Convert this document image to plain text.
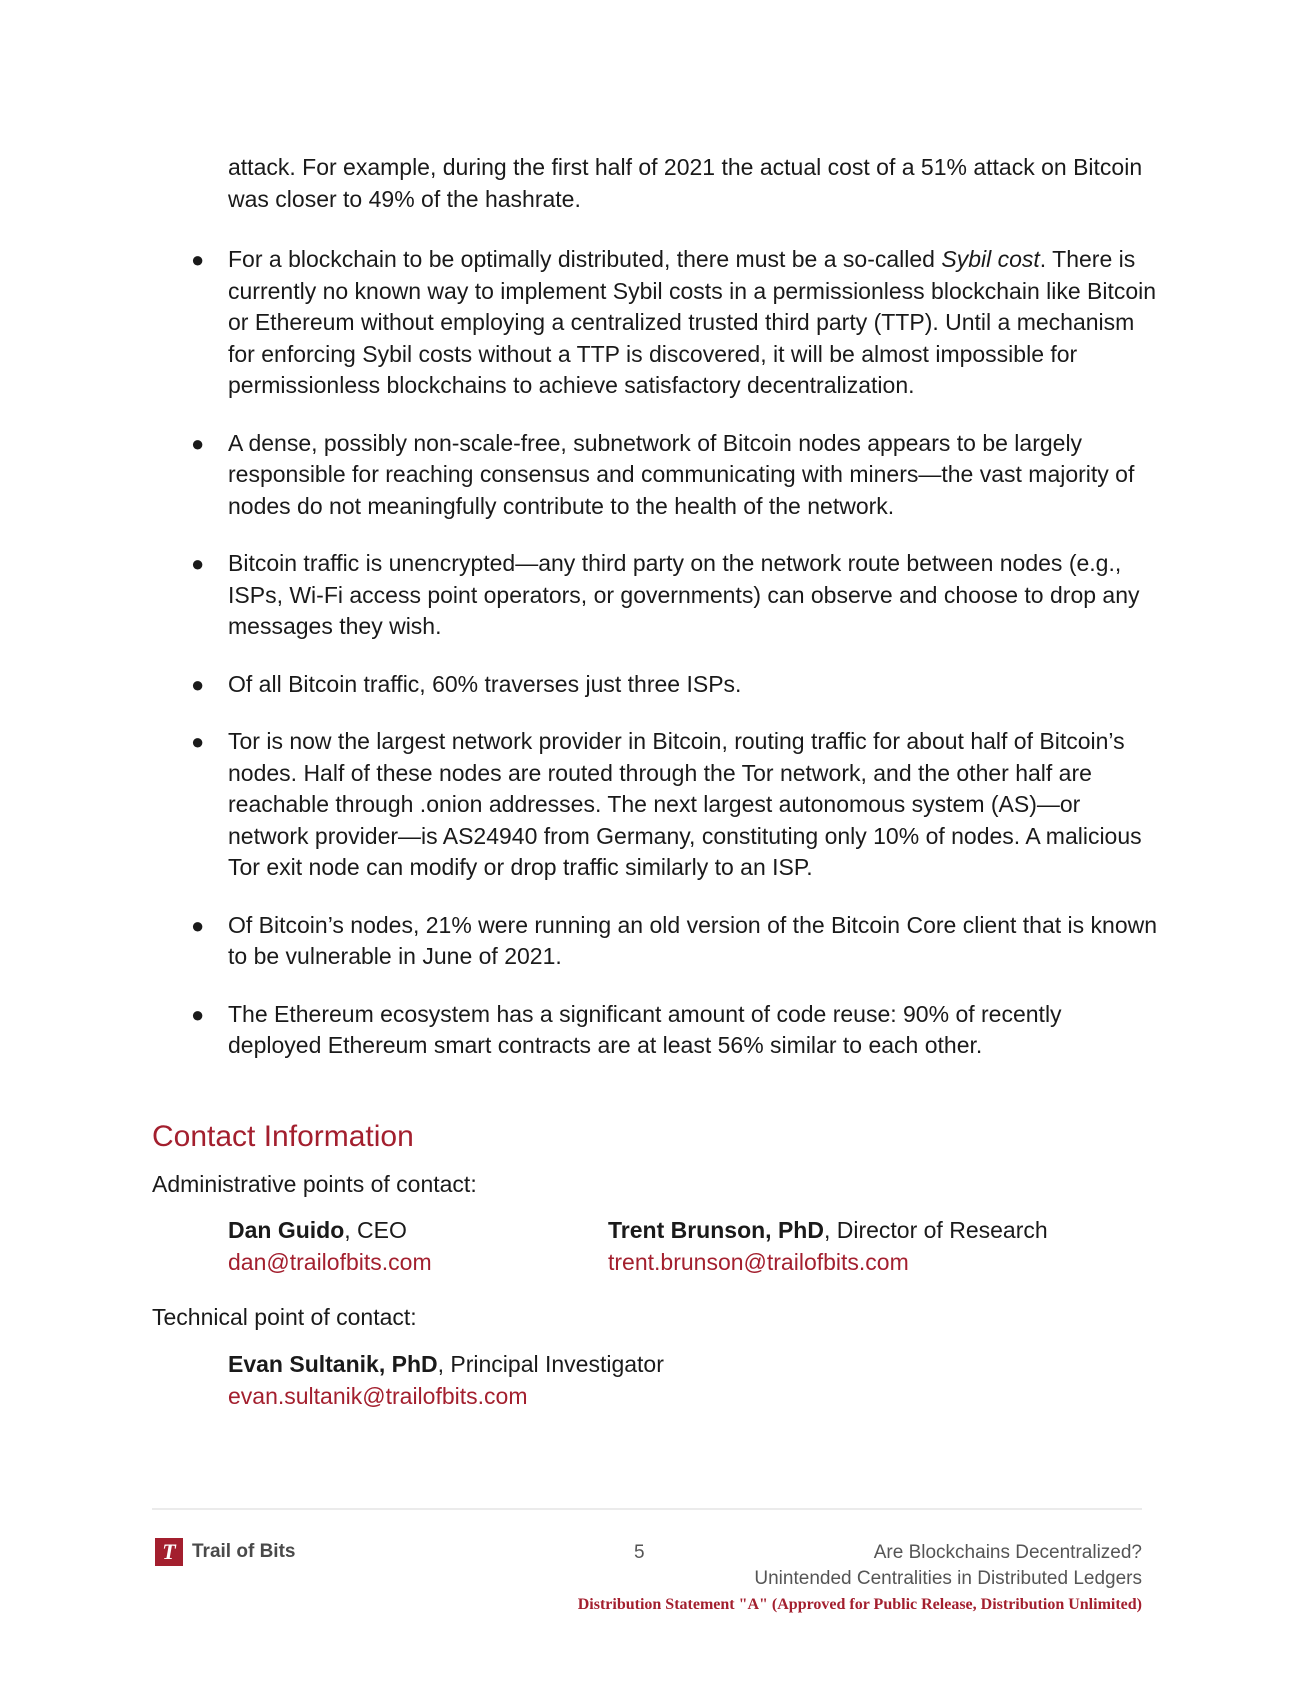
attack. For example, during the first half of 2021 the actual cost of a 51% attack on Bitcoin was closer to 49% of the hashrate.

● For a blockchain to be optimally distributed, there must be a so-called Sybil cost. There is currently no known way to implement Sybil costs in a permissionless blockchain like Bitcoin or Ethereum without employing a centralized trusted third party (TTP). Until a mechanism for enforcing Sybil costs without a TTP is discovered, it will be almost impossible for permissionless blockchains to achieve satisfactory decentralization.
● A dense, possibly non-scale-free, subnetwork of Bitcoin nodes appears to be largely responsible for reaching consensus and communicating with miners—the vast majority of nodes do not meaningfully contribute to the health of the network.
● Bitcoin traffic is unencrypted—any third party on the network route between nodes (e.g., ISPs, Wi-Fi access point operators, or governments) can observe and choose to drop any messages they wish.
● Of all Bitcoin traffic, 60% traverses just three ISPs.
● Tor is now the largest network provider in Bitcoin, routing traffic for about half of Bitcoin’s nodes. Half of these nodes are routed through the Tor network, and the other half are reachable through .onion addresses. The next largest autonomous system (AS)—or network provider—is AS24940 from Germany, constituting only 10% of nodes. A malicious Tor exit node can modify or drop traffic similarly to an ISP.
● Of Bitcoin’s nodes, 21% were running an old version of the Bitcoin Core client that is known to be vulnerable in June of 2021.
● The Ethereum ecosystem has a significant amount of code reuse: 90% of recently deployed Ethereum smart contracts are at least 56% similar to each other.
Contact Information

Administrative points of contact:

Dan Guido, CEO
dan@trailofbits.com
Trent Brunson, PhD, Director of Research
trent.brunson@trailofbits.com

Technical point of contact:

Evan Sultanik, PhD, Principal Investigator
evan.sultanik@trailofbits.com
T Trail of Bits	5	Are Blockchains Decentralized?
Unintended Centralities in Distributed Ledgers
Distribution Statement "A" (Approved for Public Release, Distribution Unlimited)
